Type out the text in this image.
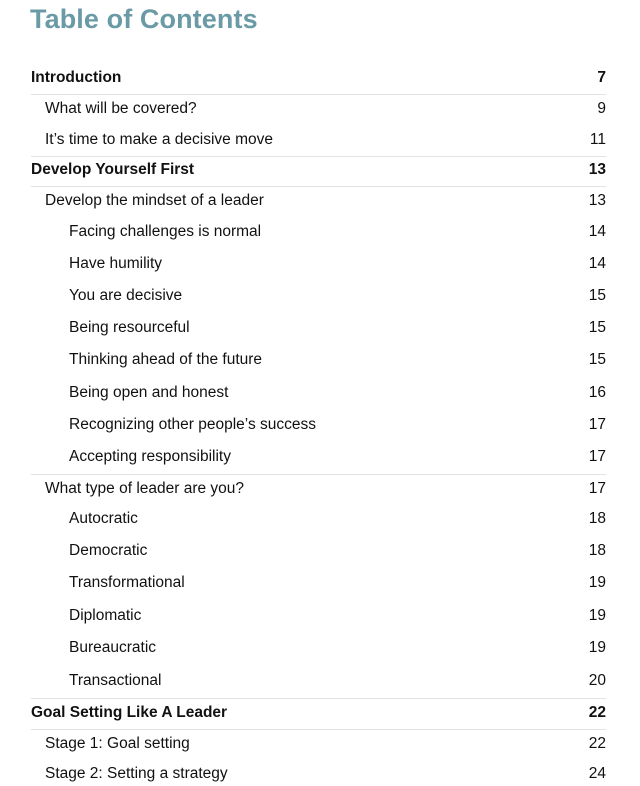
Table of Contents
Introduction	7
What will be covered?	9
It’s time to make a decisive move	11
Develop Yourself First	13
Develop the mindset of a leader	13
Facing challenges is normal	14
Have humility	14
You are decisive	15
Being resourceful	15
Thinking ahead of the future	15
Being open and honest	16
Recognizing other people’s success	17
Accepting responsibility	17
What type of leader are you?	17
Autocratic	18
Democratic	18
Transformational	19
Diplomatic	19
Bureaucratic	19
Transactional	20
Goal Setting Like A Leader	22
Stage 1: Goal setting	22
Stage 2: Setting a strategy	24
